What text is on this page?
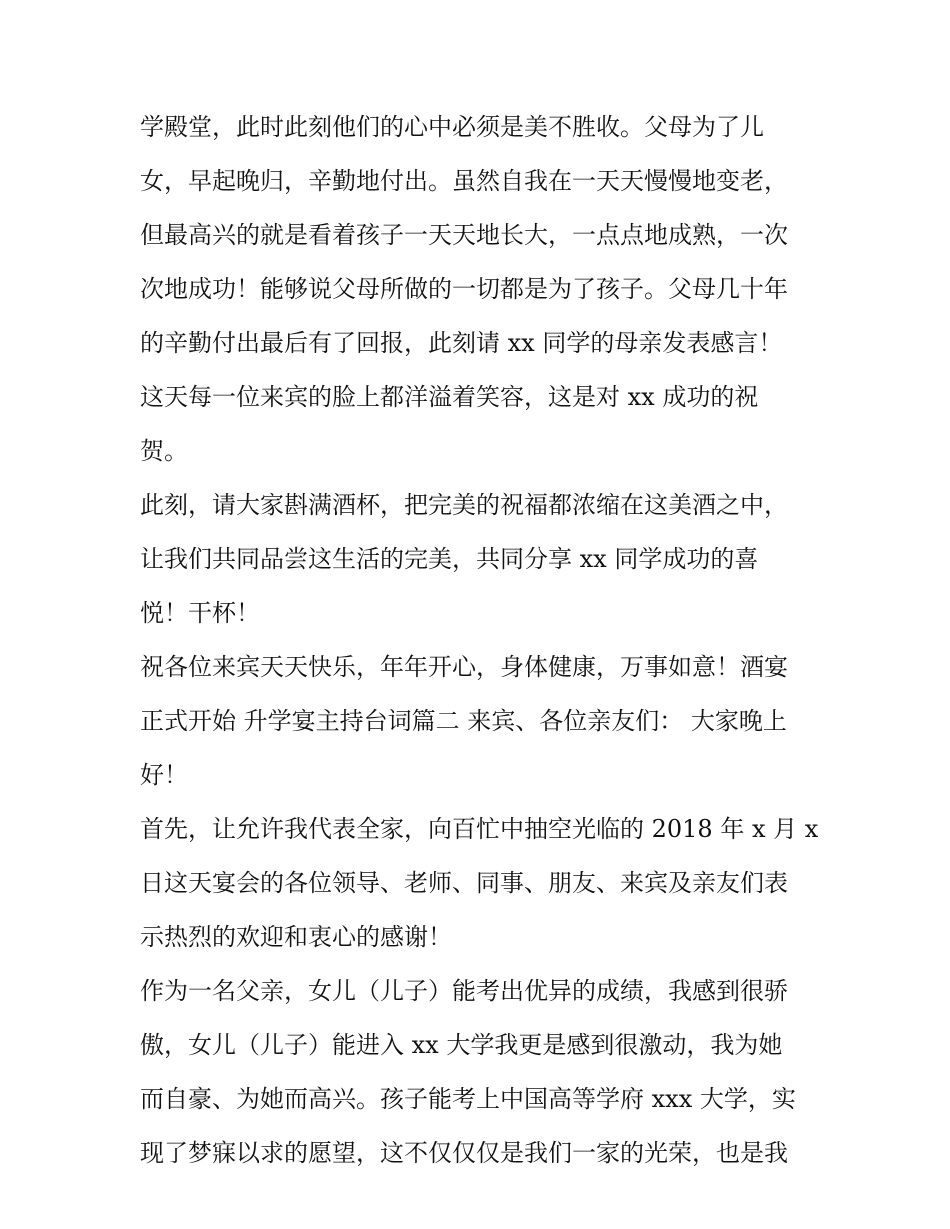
学殿堂，此时此刻他们的心中必须是美不胜收。父母为了儿
女，早起晚归，辛勤地付出。虽然自我在一天天慢慢地变老，
但最高兴的就是看着孩子一天天地长大，一点点地成熟，一次
次地成功！能够说父母所做的一切都是为了孩子。父母几十年
的辛勤付出最后有了回报，此刻请 xx 同学的母亲发表感言！
这天每一位来宾的脸上都洋溢着笑容，这是对 xx 成功的祝
贺。
此刻，请大家斟满酒杯，把完美的祝福都浓缩在这美酒之中，
让我们共同品尝这生活的完美，共同分享 xx 同学成功的喜
悦！干杯！
祝各位来宾天天快乐，年年开心，身体健康，万事如意！酒宴
正式开始 升学宴主持台词篇二 来宾、各位亲友们： 大家晚上
好！
首先，让允许我代表全家，向百忙中抽空光临的 2018 年 x 月 x
日这天宴会的各位领导、老师、同事、朋友、来宾及亲友们表
示热烈的欢迎和衷心的感谢！
作为一名父亲，女儿（儿子）能考出优异的成绩，我感到很骄
傲，女儿（儿子）能进入 xx 大学我更是感到很激动，我为她
而自豪、为她而高兴。孩子能考上中国高等学府 xxx 大学，实
现了梦寐以求的愿望，这不仅仅仅是我们一家的光荣，也是我
